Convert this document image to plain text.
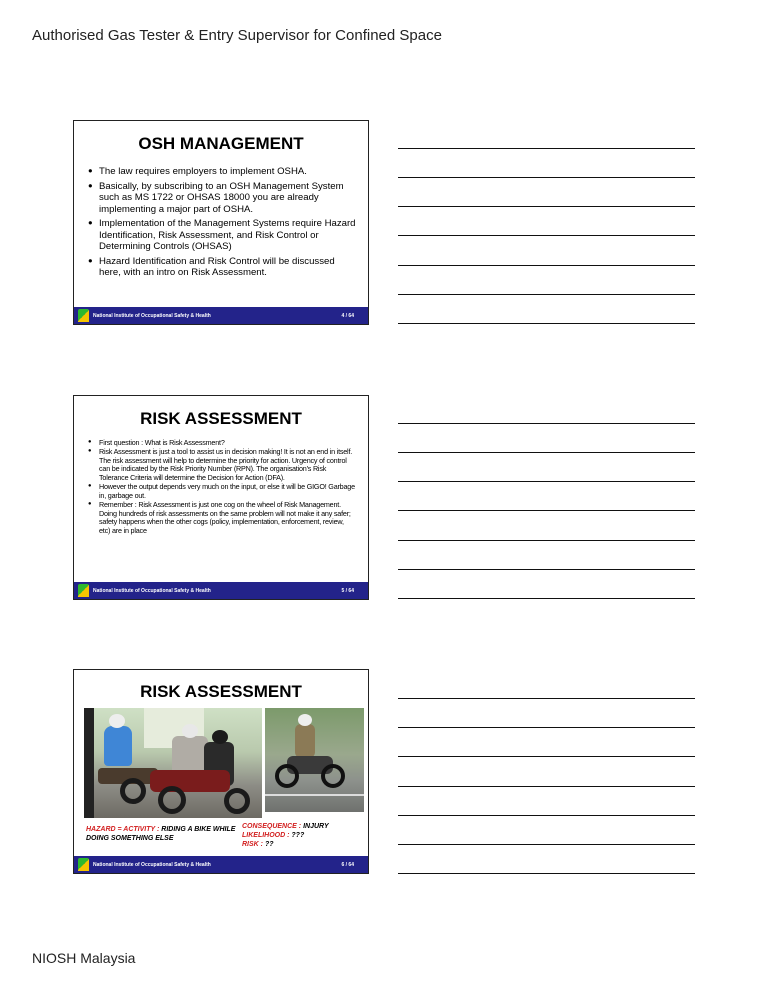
Authorised Gas Tester & Entry Supervisor for Confined Space
OSH MANAGEMENT
● The law requires employers to implement OSHA.
● Basically, by subscribing to an OSH Management System such as MS 1722 or OHSAS 18000 you are already implementing a major part of OSHA.
● Implementation of the Management Systems require Hazard Identification, Risk Assessment, and Risk Control or Determining Controls (OHSAS)
● Hazard Identification and Risk Control will be discussed here, with an intro on Risk Assessment.
National Institute of Occupational Safety & Health	4 / 64
RISK ASSESSMENT
● First question : What is Risk Assessment?
● Risk Assessment is just a tool to assist us in decision making! It is not an end in itself. The risk assessment will help to determine the priority for action. Urgency of control can be indicated by the Risk Priority Number (RPN). The organisation's Risk Tolerance Criteria will determine the Decision for Action (DFA).
● However the output depends very much on the input, or else it will be GIGO! Garbage in, garbage out.
● Remember : Risk Assessment is just one cog on the wheel of Risk Management. Doing hundreds of risk assessments on the same problem will not make it any safer; safety happens when the other cogs (policy, implementation, enforcement, review, etc) are in place
National Institute of Occupational Safety & Health	5 / 64
RISK ASSESSMENT
HAZARD = ACTIVITY : RIDING A BIKE WHILE DOING SOMETHING ELSE
CONSEQUENCE : INJURY
LIKELIHOOD : ???
RISK : ??
National Institute of Occupational Safety & Health	6 / 64
NIOSH Malaysia
